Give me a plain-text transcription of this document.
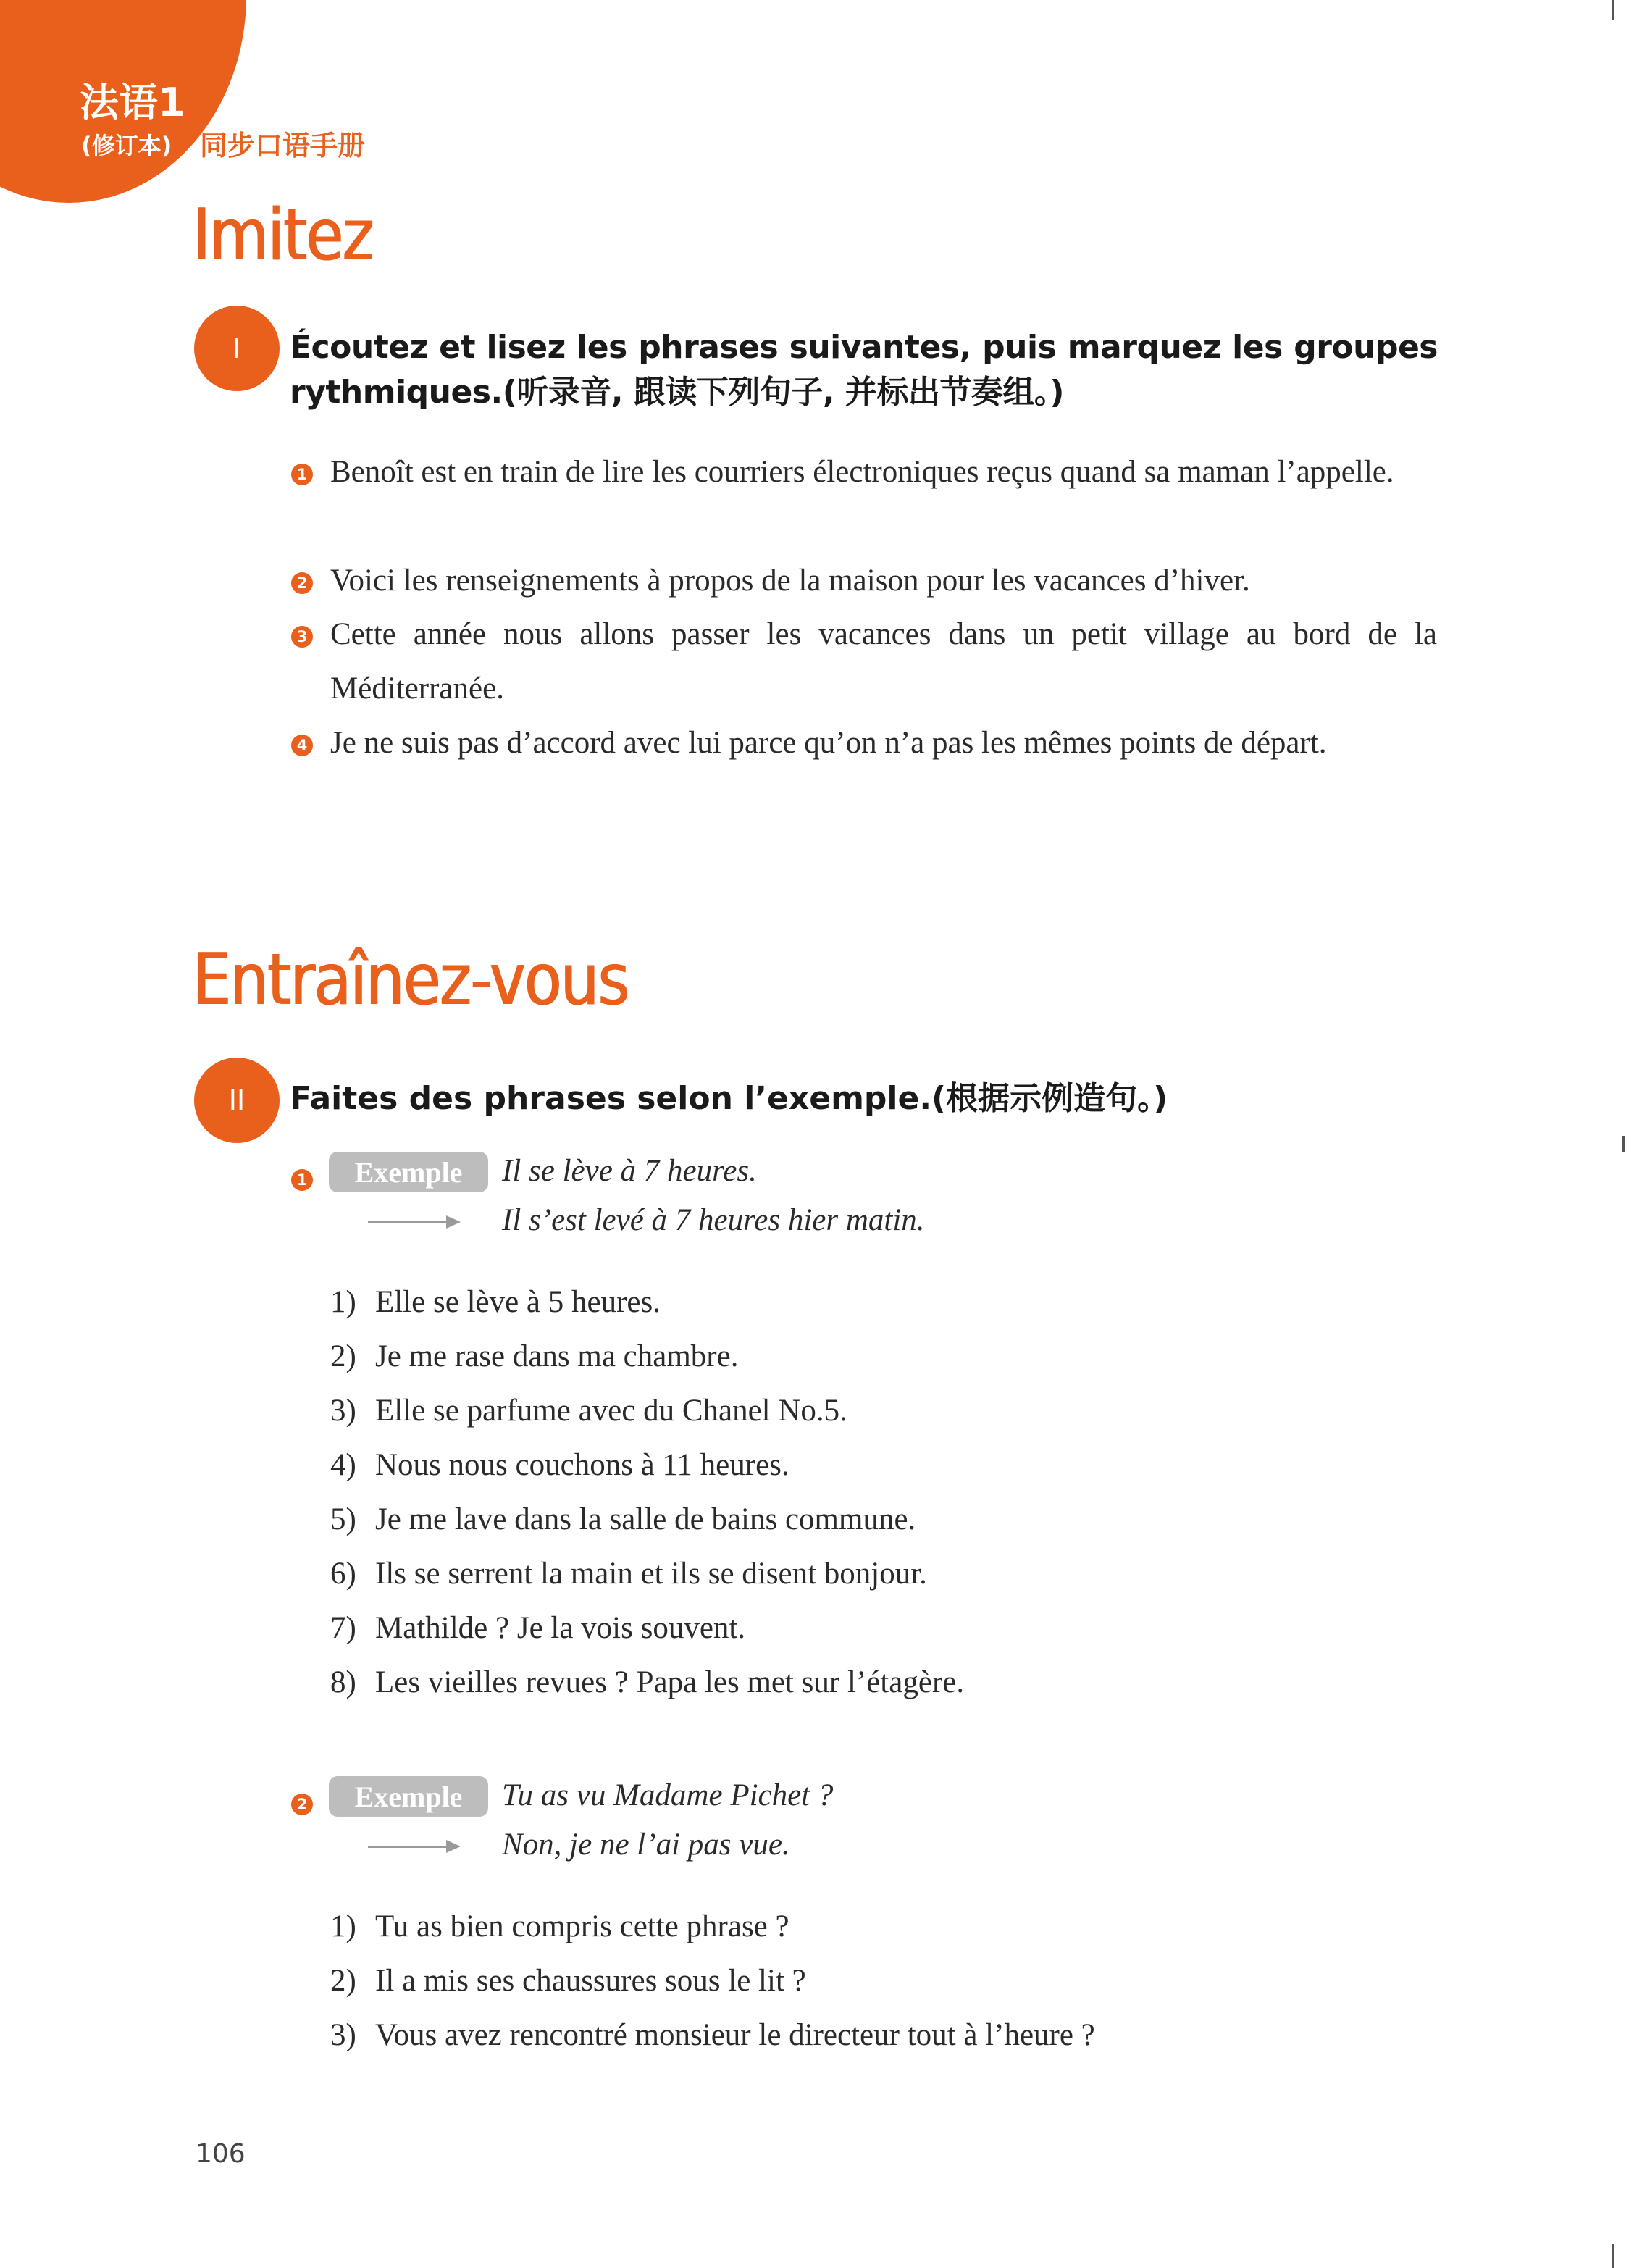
法语1
(修订本) 同步口语手册
Imitez
I	Écoutez et lisez les phrases suivantes, puis marquez les groupes rythmiques.(听录音, 跟读下列句子, 并标出节奏组。)
1 Benoît est en train de lire les courriers électroniques reçus quand sa maman l’appelle.
2 Voici les renseignements à propos de la maison pour les vacances d’hiver.
3 Cette année nous allons passer les vacances dans un petit village au bord de la Méditerranée.
4 Je ne suis pas d’accord avec lui parce qu’on n’a pas les mêmes points de départ.
Entraînez-vous
II	Faites des phrases selon l’exemple.(根据示例造句。)
1	Exemple	Il se lève à 7 heures.
Il s’est levé à 7 heures hier matin.
1) Elle se lève à 5 heures.
2) Je me rase dans ma chambre.
3) Elle se parfume avec du Chanel No.5.
4) Nous nous couchons à 11 heures.
5) Je me lave dans la salle de bains commune.
6) Ils se serrent la main et ils se disent bonjour.
7) Mathilde ? Je la vois souvent.
8) Les vieilles revues ? Papa les met sur l’étagère.
2	Exemple	Tu as vu Madame Pichet ?
Non, je ne l’ai pas vue.
1) Tu as bien compris cette phrase ?
2) Il a mis ses chaussures sous le lit ?
3) Vous avez rencontré monsieur le directeur tout à l’heure ?
106
